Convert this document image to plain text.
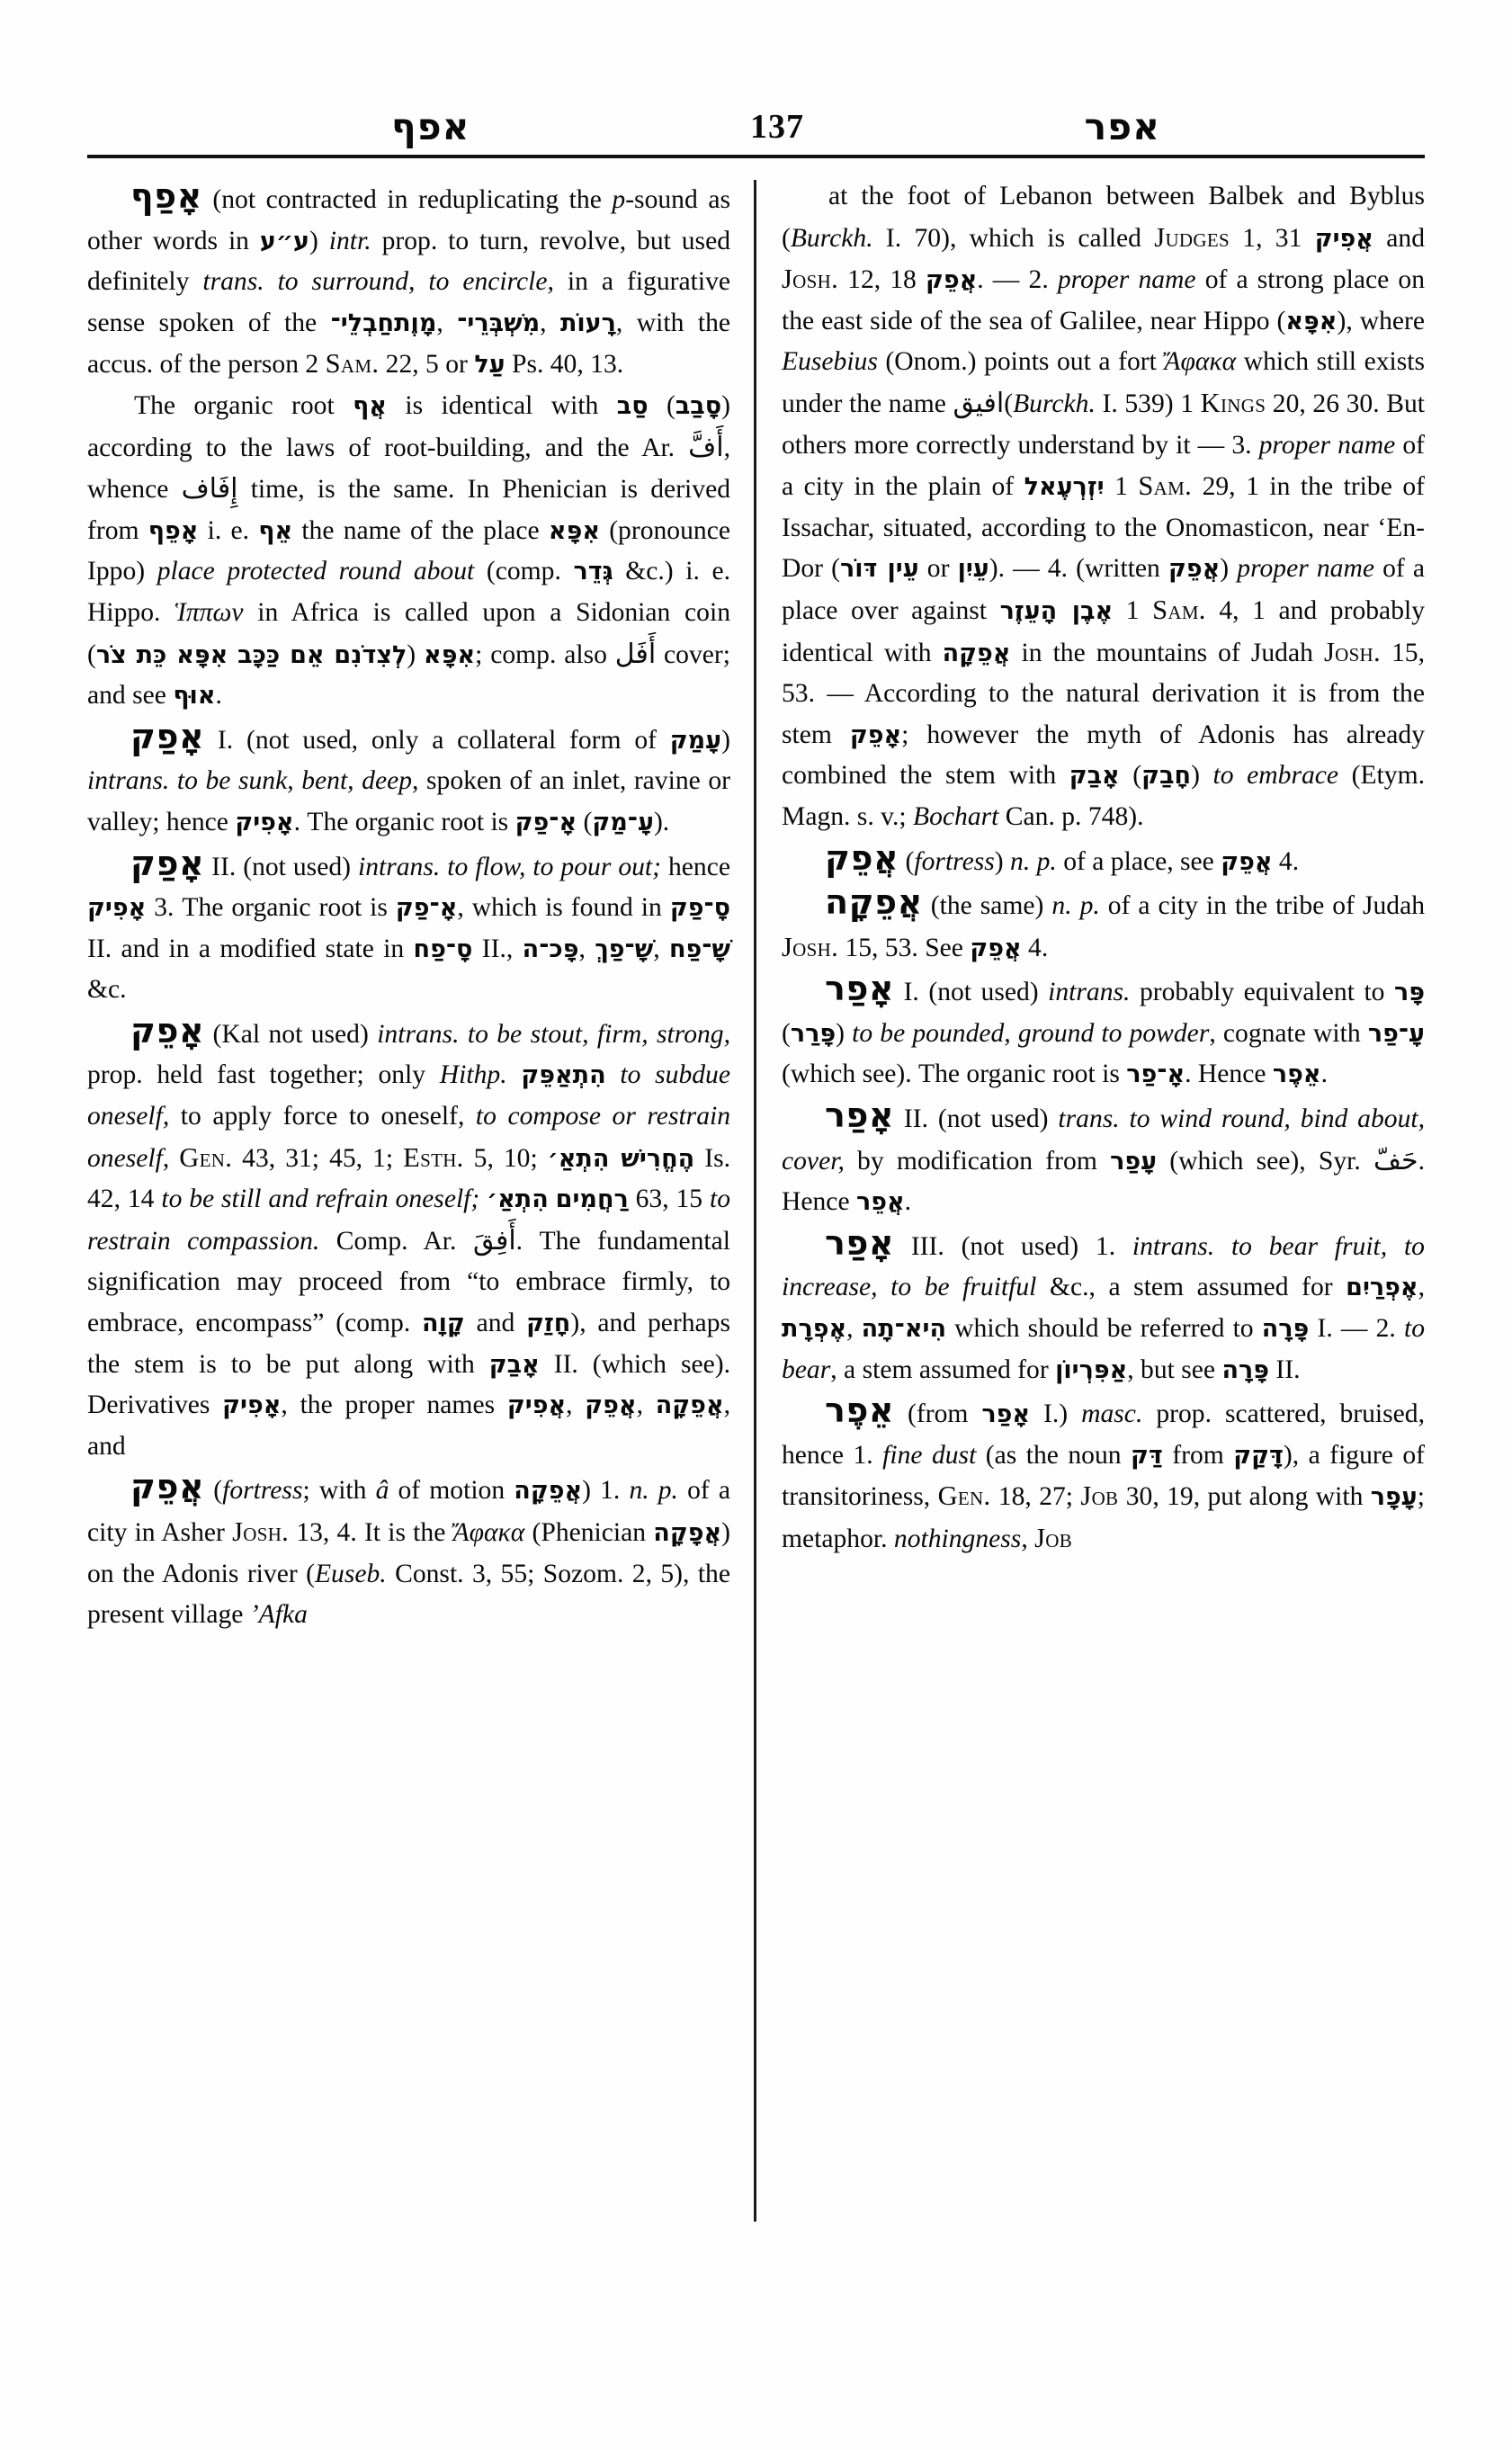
אפף	137	אפר

אָפַף (not contracted in reduplicating the p-sound as other words in ע״ע) intr. prop. to turn, revolve, but used definitely trans. to surround, to encircle, in a figurative sense spoken of the חַבְלֵי־מָוֶת, מִשְׁבְּרֵי־, רָעוֹת, with the accus. of the person 2 Sam. 22, 5 or עַל Ps. 40, 13.

The organic root אֲף is identical with סַב (סָבַב) according to the laws of root-building, and the Ar. أَفَّ, whence إِفَاف time, is the same. In Phenician is derived from אָפֵף i. e. אֵף the name of the place אִפָּא (pronounce Ippo) place protected round about (comp. גְּדֵר &c.) i. e. Hippo. Ἱππων in Africa is called upon a Sidonian coin (לְצִדֹנִם אֵם כַּכָּב אִפָּא כֵּת צֹר) אִפָּא; comp. also أَفَل cover; and see אוּף.

אָפַק I. (not used, only a collateral form of עָמַק) intrans. to be sunk, bent, deep, spoken of an inlet, ravine or valley; hence אָפִיק. The organic root is אָ־פַק (עָ־מַק).

אָפַק II. (not used) intrans. to flow, to pour out; hence אָפִיק 3. The organic root is אָ־פַק, which is found in סָ־פַק II. and in a modified state in סָ־פַח II., פָּכ־ה, שָׁ־פַךְ, שָׁ־פַח &c.

אָפֵק (Kal not used) intrans. to be stout, firm, strong, prop. held fast together; only Hithp. הִתְאַפֵּק to subdue oneself, to apply force to oneself, to compose or restrain oneself, Gen. 43, 31; 45, 1; Esth. 5, 10; הֶחֱרִישׁ הִתְאַ׳ Is. 42, 14 to be still and refrain oneself; הִתְאַ׳ רַחֲמִים 63, 15 to restrain compassion. Comp. Ar. أَفِقَ. The fundamental signification may proceed from “to embrace firmly, to embrace, encompass” (comp. קָוָה and חָזַק), and perhaps the stem is to be put along with אָבַק II. (which see). Derivatives אָפִיק, the proper names אֲפִיק, אֲפֵק, אֲפֵקָה, and

אֲפֵק (fortress; with â of motion אֲפֵקָה) 1. n. p. of a city in Asher Josh. 13, 4. It is the Ἄφακα (Phenician אֲפָקָה) on the Adonis river (Euseb. Const. 3, 55; Sozom. 2, 5), the present village ’Afka

at the foot of Lebanon between Balbek and Byblus (Burckh. I. 70), which is called Judges 1, 31 אֲפִיק and Josh. 12, 18 אֲפֵק. — 2. proper name of a strong place on the east side of the sea of Galilee, near Hippo (אִפָּא), where Eusebius (Onom.) points out a fort Ἄφακα which still exists under the name افيق(Burckh. I. 539) 1 Kings 20, 26 30. But others more correctly understand by it — 3. proper name of a city in the plain of יִזְרְעֶאל 1 Sam. 29, 1 in the tribe of Issachar, situated, according to the Onomasticon, near ‘En-Dor (עֵין דּוֹר or עֵיִן). — 4. (written אֲפֵק) proper name of a place over against אֶבֶן הָעֵזֶר 1 Sam. 4, 1 and probably identical with אֲפֵקָה in the mountains of Judah Josh. 15, 53. — According to the natural derivation it is from the stem אָפֵק; however the myth of Adonis has already combined the stem with אָבַק (חָבַק) to embrace (Etym. Magn. s. v.; Bochart Can. p. 748).

אֲפֵק (fortress) n. p. of a place, see אֲפֵק 4.

אֲפֵקָה (the same) n. p. of a city in the tribe of Judah Josh. 15, 53. See אֲפֵק 4.

אָפַר I. (not used) intrans. probably equivalent to פָּר (פָּרַר) to be pounded, ground to powder, cognate with עָ־פַר (which see). The organic root is אָ־פַר. Hence אֵפֶר.

אָפַר II. (not used) trans. to wind round, bind about, cover, by modification from עָפַר (which see), Syr. حَفّ. Hence אֲפֵר.

אָפַר III. (not used) 1. intrans. to bear fruit, to increase, to be fruitful &c., a stem assumed for אֶפְרַיִם, אֶפְרָת, הִיא־תָה which should be referred to פָּרָה I. — 2. to bear, a stem assumed for אַפִּרְיוֹן, but see פָּרָה II.

אֵפֶר (from אָפַר I.) masc. prop. scattered, bruised, hence 1. fine dust (as the noun דַּק from דָּקַק), a figure of transitoriness, Gen. 18, 27; Job 30, 19, put along with עָפָר; metaphor. nothingness, Job
